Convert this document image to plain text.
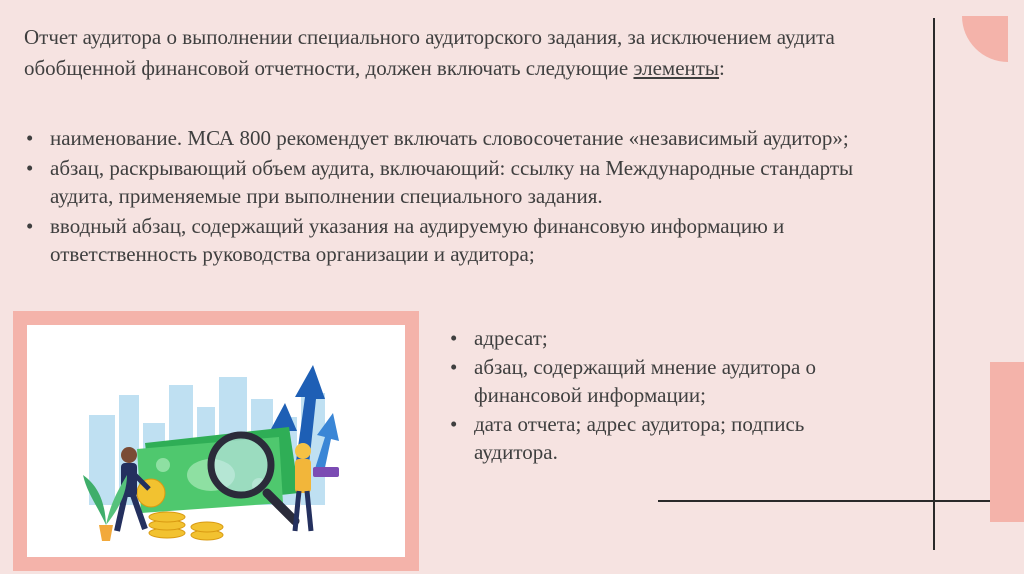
Отчет аудитора о выполнении специального аудиторского задания, за исключением аудита обобщенной финансовой отчетности, должен включать следующие элементы:

• наименование. МСА 800 рекомендует включать словосочетание «независимый аудитор»;
• абзац, раскрывающий объем аудита, включающий: ссылку на Международные стандарты аудита, применяемые при выполнении специального задания.
• вводный абзац, содержащий указания на аудируемую финансовую информацию и ответственность руководства организации и аудитора;
• адресат;
• абзац, содержащий мнение аудитора о финансовой информации;
• дата отчета; адрес аудитора; подпись аудитора.
